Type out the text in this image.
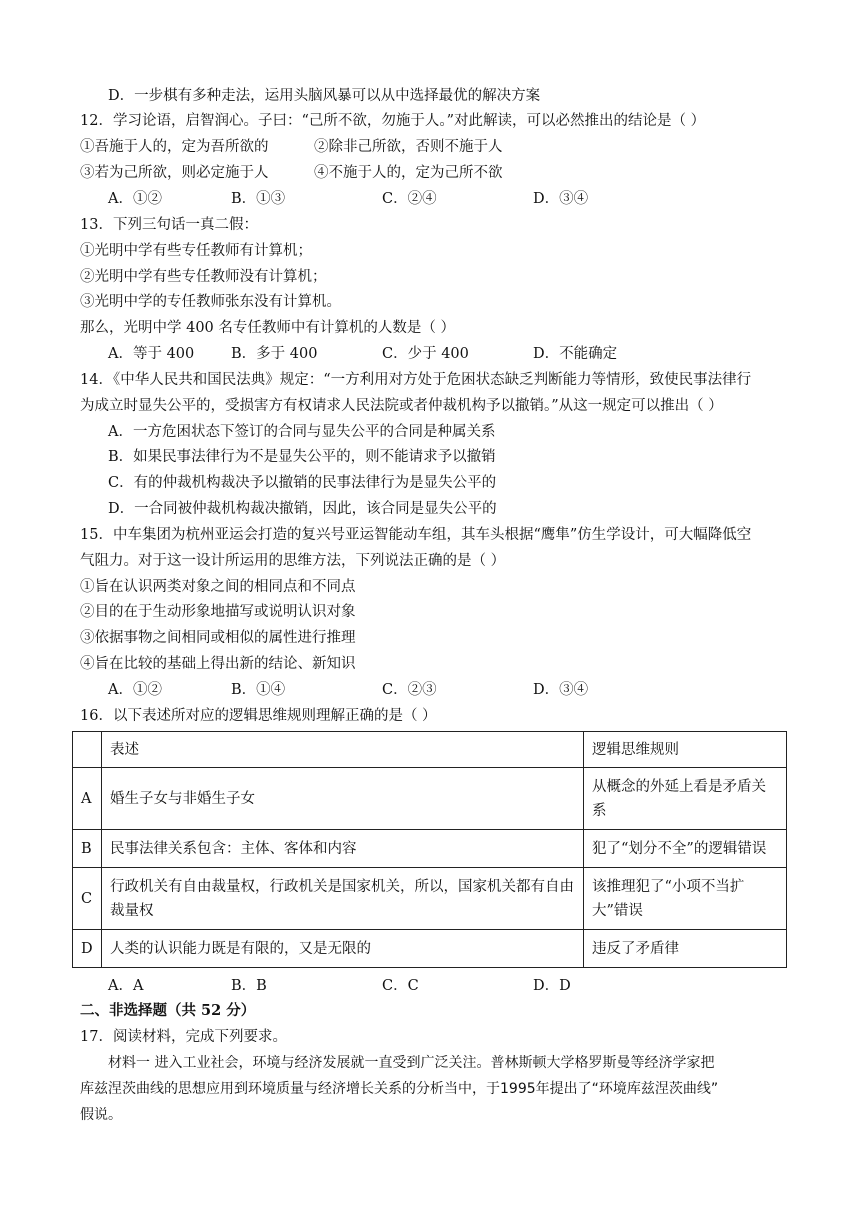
D．一步棋有多种走法，运用头脑风暴可以从中选择最优的解决方案
12．学习论语，启智润心。子曰：“己所不欲，勿施于人。”对此解读，可以必然推出的结论是（ ）
①吾施于人的，定为吾所欲的	②除非己所欲，否则不施于人
③若为己所欲，则必定施于人	④不施于人的，定为己所不欲
A．①②	B．①③	C．②④	D．③④
13．下列三句话一真二假：
①光明中学有些专任教师有计算机；
②光明中学有些专任教师没有计算机；
③光明中学的专任教师张东没有计算机。
那么，光明中学 400 名专任教师中有计算机的人数是（ ）
A．等于 400	B．多于 400	C．少于 400	D．不能确定
14．《中华人民共和国民法典》规定：“一方利用对方处于危困状态缺乏判断能力等情形，致使民事法律行
为成立时显失公平的，受损害方有权请求人民法院或者仲裁机构予以撤销。”从这一规定可以推出（ ）
A．一方危困状态下签订的合同与显失公平的合同是种属关系
B．如果民事法律行为不是显失公平的，则不能请求予以撤销
C．有的仲裁机构裁决予以撤销的民事法律行为是显失公平的
D．一合同被仲裁机构裁决撤销，因此，该合同是显失公平的
15．中车集团为杭州亚运会打造的复兴号亚运智能动车组，其车头根据“鹰隼”仿生学设计，可大幅降低空
气阻力。对于这一设计所运用的思维方法，下列说法正确的是（ ）
①旨在认识两类对象之间的相同点和不同点
②目的在于生动形象地描写或说明认识对象
③依据事物之间相同或相似的属性进行推理
④旨在比较的基础上得出新的结论、新知识
A．①②	B．①④	C．②③	D．③④
16．以下表述所对应的逻辑思维规则理解正确的是（ ）
	表述	逻辑思维规则
A	婚生子女与非婚生子女	从概念的外延上看是矛盾关系
B	民事法律关系包含：主体、客体和内容	犯了“划分不全”的逻辑错误
C	行政机关有自由裁量权，行政机关是国家机关，所以，国家机关都有自由裁量权	该推理犯了“小项不当扩大”错误
D	人类的认识能力既是有限的，又是无限的	违反了矛盾律
A．A	B．B	C．C	D．D
二、非选择题（共 52 分）
17．阅读材料，完成下列要求。
材料一 进入工业社会，环境与经济发展就一直受到广泛关注。普林斯顿大学格罗斯曼等经济学家把
库兹涅茨曲线的思想应用到环境质量与经济增长关系的分析当中，于1995年提出了“环境库兹涅茨曲线”
假说。
